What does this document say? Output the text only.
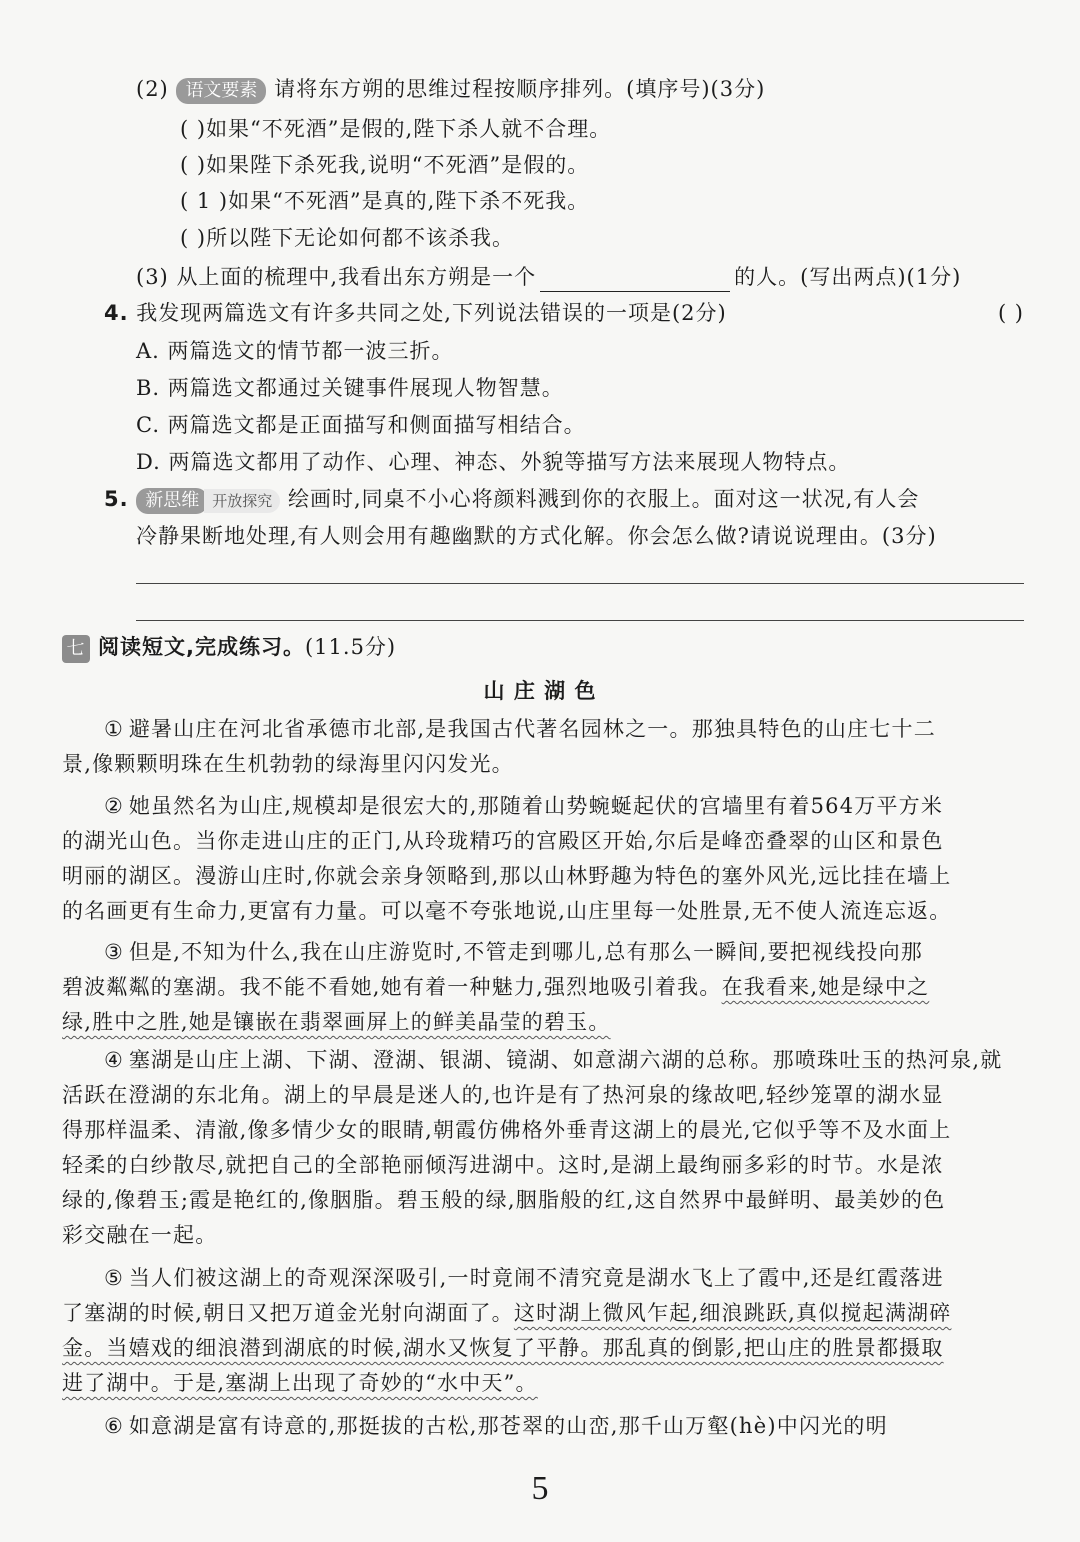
(2) 语文要素 请将东方朔的思维过程按顺序排列。(填序号)(3分)
( )如果“不死酒”是假的,陛下杀人就不合理。
( )如果陛下杀死我,说明“不死酒”是假的。
( 1 )如果“不死酒”是真的,陛下杀不死我。
( )所以陛下无论如何都不该杀我。
(3) 从上面的梳理中,我看出东方朔是一个	的人。(写出两点)(1分)
4. 我发现两篇选文有许多共同之处,下列说法错误的一项是(2分)	( )
A. 两篇选文的情节都一波三折。
B. 两篇选文都通过关键事件展现人物智慧。
C. 两篇选文都是正面描写和侧面描写相结合。
D. 两篇选文都用了动作、心理、神态、外貌等描写方法来展现人物特点。
5. 新思维 开放探究 绘画时,同桌不小心将颜料溅到你的衣服上。面对这一状况,有人会
冷静果断地处理,有人则会用有趣幽默的方式化解。你会怎么做?请说说理由。(3分)
七 阅读短文,完成练习。(11.5分)
山 庄 湖 色
① 避暑山庄在河北省承德市北部,是我国古代著名园林之一。那独具特色的山庄七十二
景,像颗颗明珠在生机勃勃的绿海里闪闪发光。
② 她虽然名为山庄,规模却是很宏大的,那随着山势蜿蜒起伏的宫墙里有着564万平方米
的湖光山色。当你走进山庄的正门,从玲珑精巧的宫殿区开始,尔后是峰峦叠翠的山区和景色
明丽的湖区。漫游山庄时,你就会亲身领略到,那以山林野趣为特色的塞外风光,远比挂在墙上
的名画更有生命力,更富有力量。可以毫不夸张地说,山庄里每一处胜景,无不使人流连忘返。
③ 但是,不知为什么,我在山庄游览时,不管走到哪儿,总有那么一瞬间,要把视线投向那
碧波粼粼的塞湖。我不能不看她,她有着一种魅力,强烈地吸引着我。在我看来,她是绿中之
绿,胜中之胜,她是镶嵌在翡翠画屏上的鲜美晶莹的碧玉。
④ 塞湖是山庄上湖、下湖、澄湖、银湖、镜湖、如意湖六湖的总称。那喷珠吐玉的热河泉,就
活跃在澄湖的东北角。湖上的早晨是迷人的,也许是有了热河泉的缘故吧,轻纱笼罩的湖水显
得那样温柔、清澈,像多情少女的眼睛,朝霞仿佛格外垂青这湖上的晨光,它似乎等不及水面上
轻柔的白纱散尽,就把自己的全部艳丽倾泻进湖中。这时,是湖上最绚丽多彩的时节。水是浓
绿的,像碧玉;霞是艳红的,像胭脂。碧玉般的绿,胭脂般的红,这自然界中最鲜明、最美妙的色
彩交融在一起。
⑤ 当人们被这湖上的奇观深深吸引,一时竟闹不清究竟是湖水飞上了霞中,还是红霞落进
了塞湖的时候,朝日又把万道金光射向湖面了。这时湖上微风乍起,细浪跳跃,真似搅起满湖碎
金。当嬉戏的细浪潜到湖底的时候,湖水又恢复了平静。那乱真的倒影,把山庄的胜景都摄取
进了湖中。于是,塞湖上出现了奇妙的“水中天”。
⑥ 如意湖是富有诗意的,那挺拔的古松,那苍翠的山峦,那千山万壑(hè)中闪光的明
5
